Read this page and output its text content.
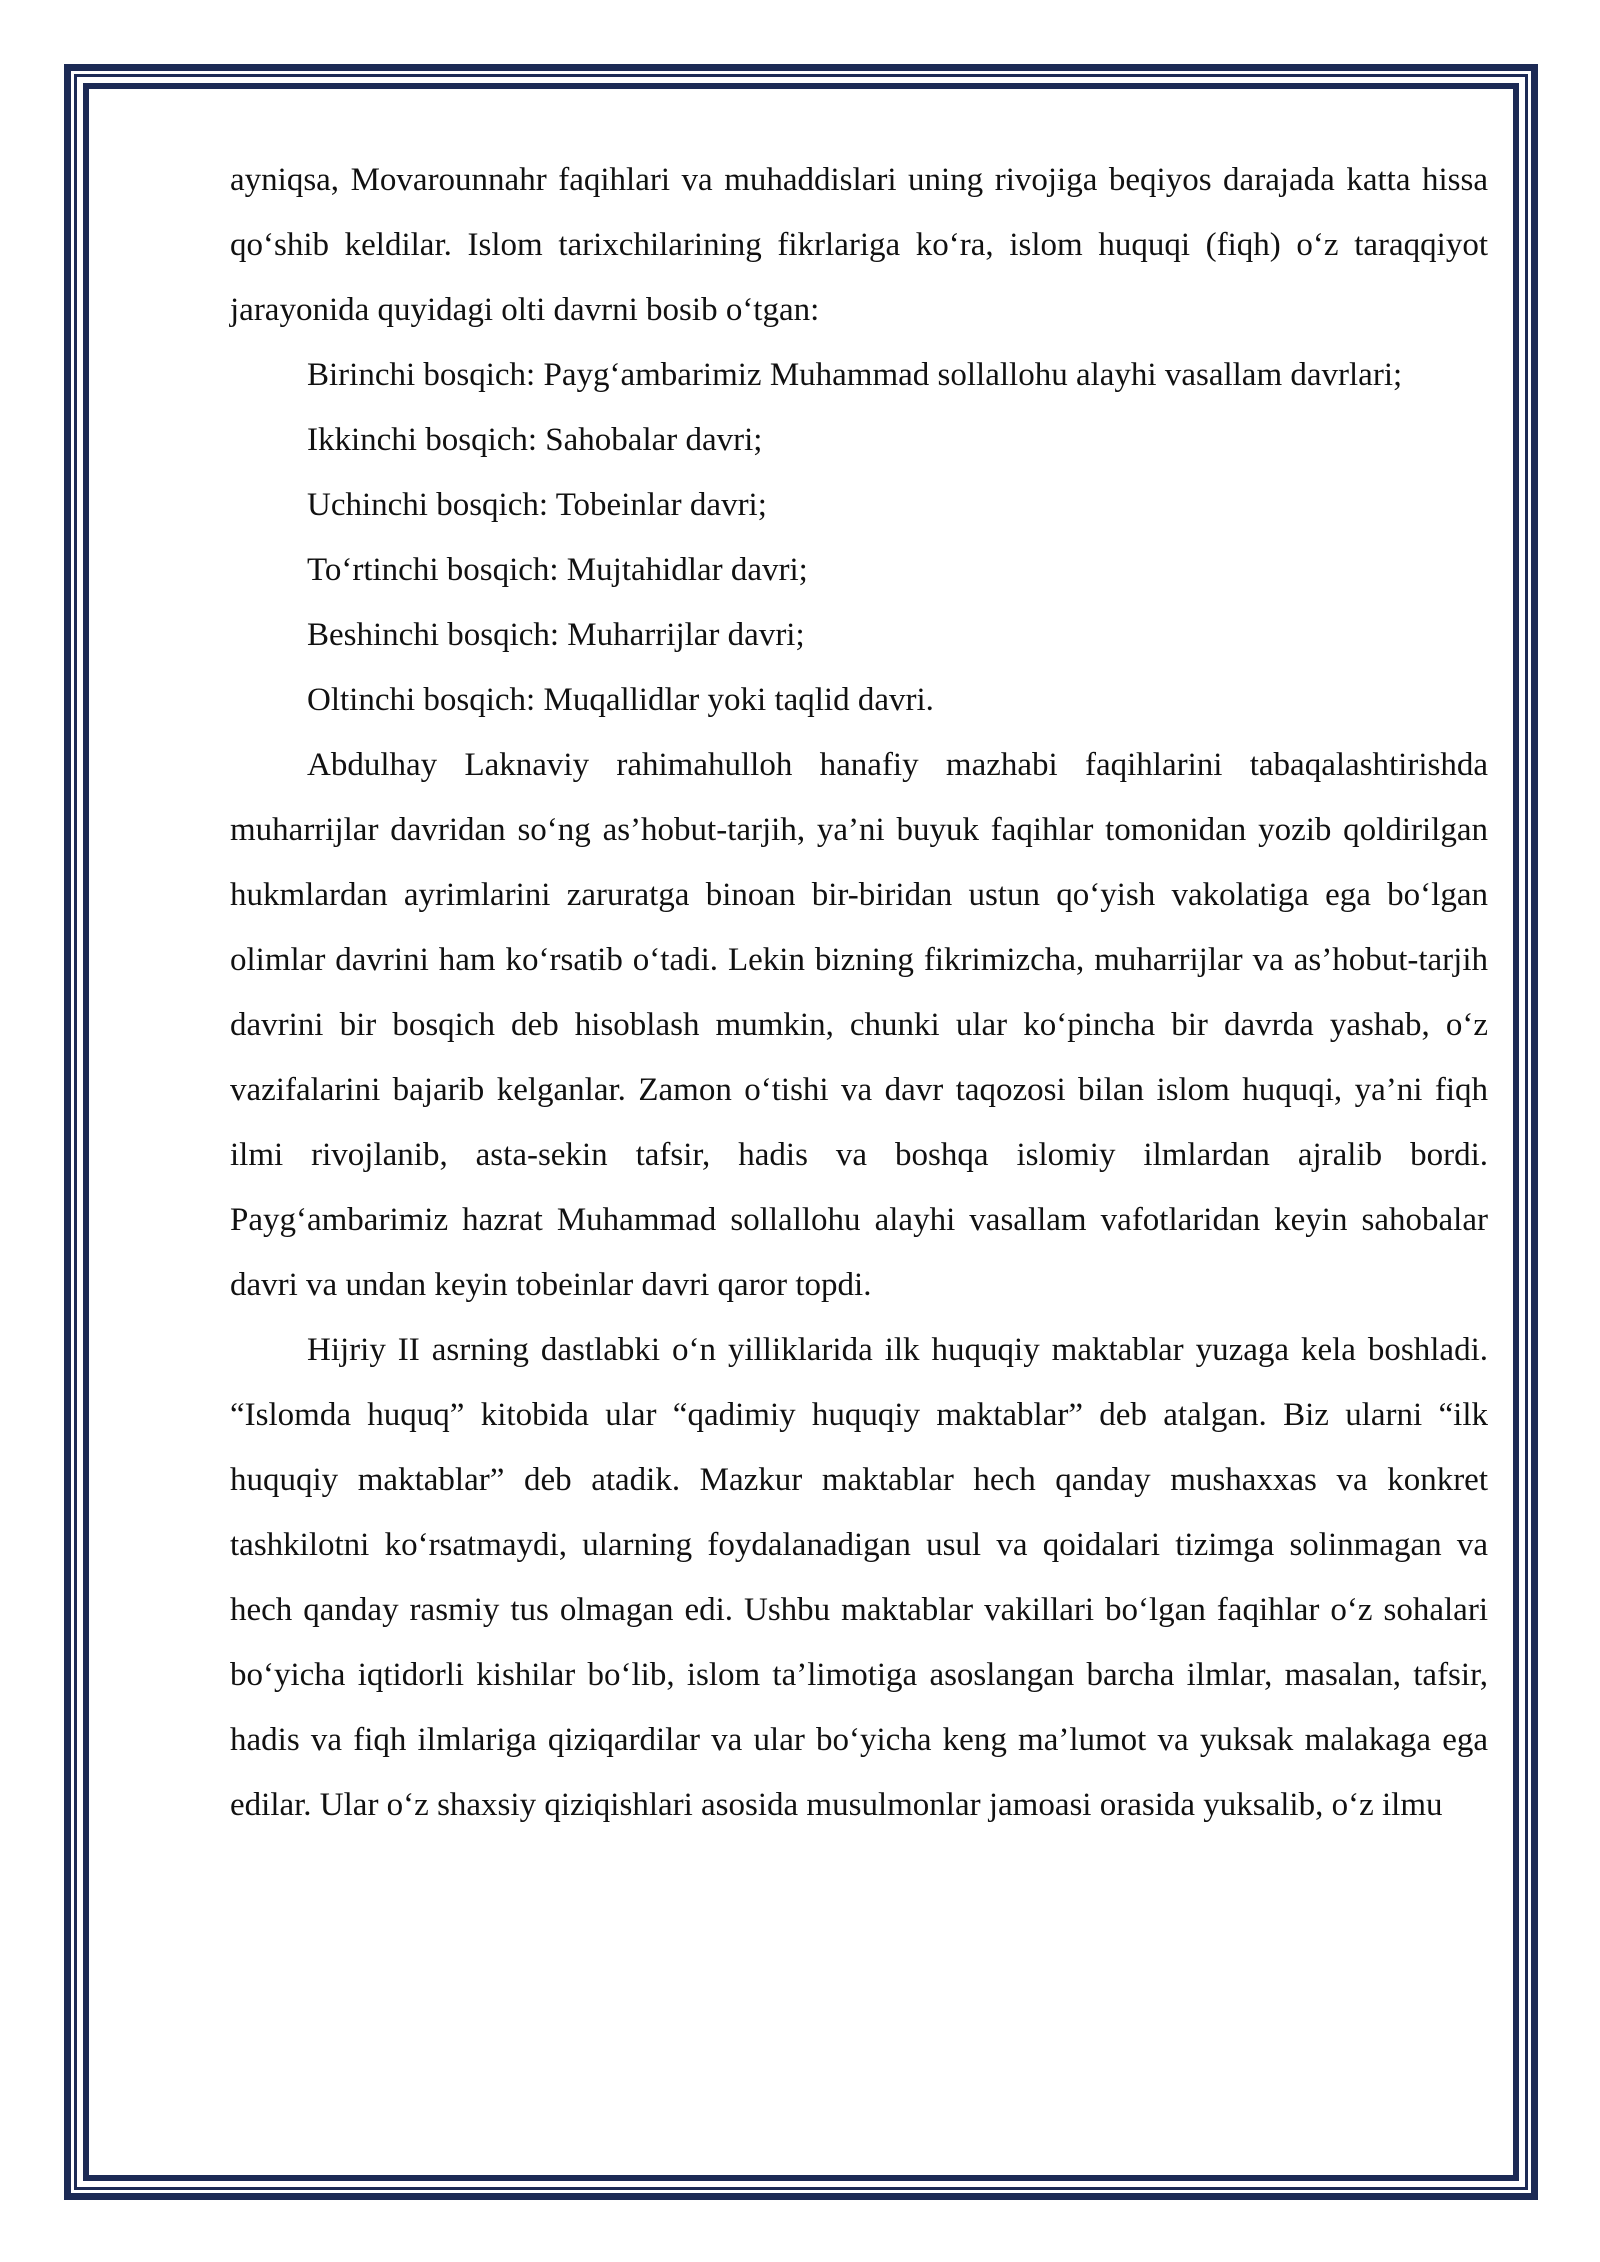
ayniqsa, Movarounnahr faqihlari va muhaddislari uning rivojiga beqiyos darajada katta hissa qo‘shib keldilar. Islom tarixchilarining fikrlariga ko‘ra, islom huquqi (fiqh) o‘z taraqqiyot jarayonida quyidagi olti davrni bosib o‘tgan:

Birinchi bosqich: Payg‘ambarimiz Muhammad sollallohu alayhi vasallam davrlari;

Ikkinchi bosqich: Sahobalar davri;

Uchinchi bosqich: Tobeinlar davri;

To‘rtinchi bosqich: Mujtahidlar davri;

Beshinchi bosqich: Muharrijlar davri;

Oltinchi bosqich: Muqallidlar yoki taqlid davri.

Abdulhay Laknaviy rahimahulloh hanafiy mazhabi faqihlarini tabaqalashtirishda muharrijlar davridan so‘ng as’hobut-tarjih, ya’ni buyuk faqihlar tomonidan yozib qoldirilgan hukmlardan ayrimlarini zaruratga binoan bir-biridan ustun qo‘yish vakolatiga ega bo‘lgan olimlar davrini ham ko‘rsatib o‘tadi. Lekin bizning fikrimizcha, muharrijlar va as’hobut-tarjih davrini bir bosqich deb hisoblash mumkin, chunki ular ko‘pincha bir davrda yashab, o‘z vazifalarini bajarib kelganlar. Zamon o‘tishi va davr taqozosi bilan islom huquqi, ya’ni fiqh ilmi rivojlanib, asta-sekin tafsir, hadis va boshqa islomiy ilmlardan ajralib bordi. Payg‘ambarimiz hazrat Muhammad sollallohu alayhi vasallam vafotlaridan keyin sahobalar davri va undan keyin tobeinlar davri qaror topdi.

Hijriy II asrning dastlabki o‘n yilliklarida ilk huquqiy maktablar yuzaga kela boshladi. “Islomda huquq” kitobida ular “qadimiy huquqiy maktablar” deb atalgan. Biz ularni “ilk huquqiy maktablar” deb atadik. Mazkur maktablar hech qanday mushaxxas va konkret tashkilotni ko‘rsatmaydi, ularning foydalanadigan usul va qoidalari tizimga solinmagan va hech qanday rasmiy tus olmagan edi. Ushbu maktablar vakillari bo‘lgan faqihlar o‘z sohalari bo‘yicha iqtidorli kishilar bo‘lib, islom ta’limotiga asoslangan barcha ilmlar, masalan, tafsir, hadis va fiqh ilmlariga qiziqardilar va ular bo‘yicha keng ma’lumot va yuksak malakaga ega edilar. Ular o‘z shaxsiy qiziqishlari asosida musulmonlar jamoasi orasida yuksalib, o‘z ilmu
